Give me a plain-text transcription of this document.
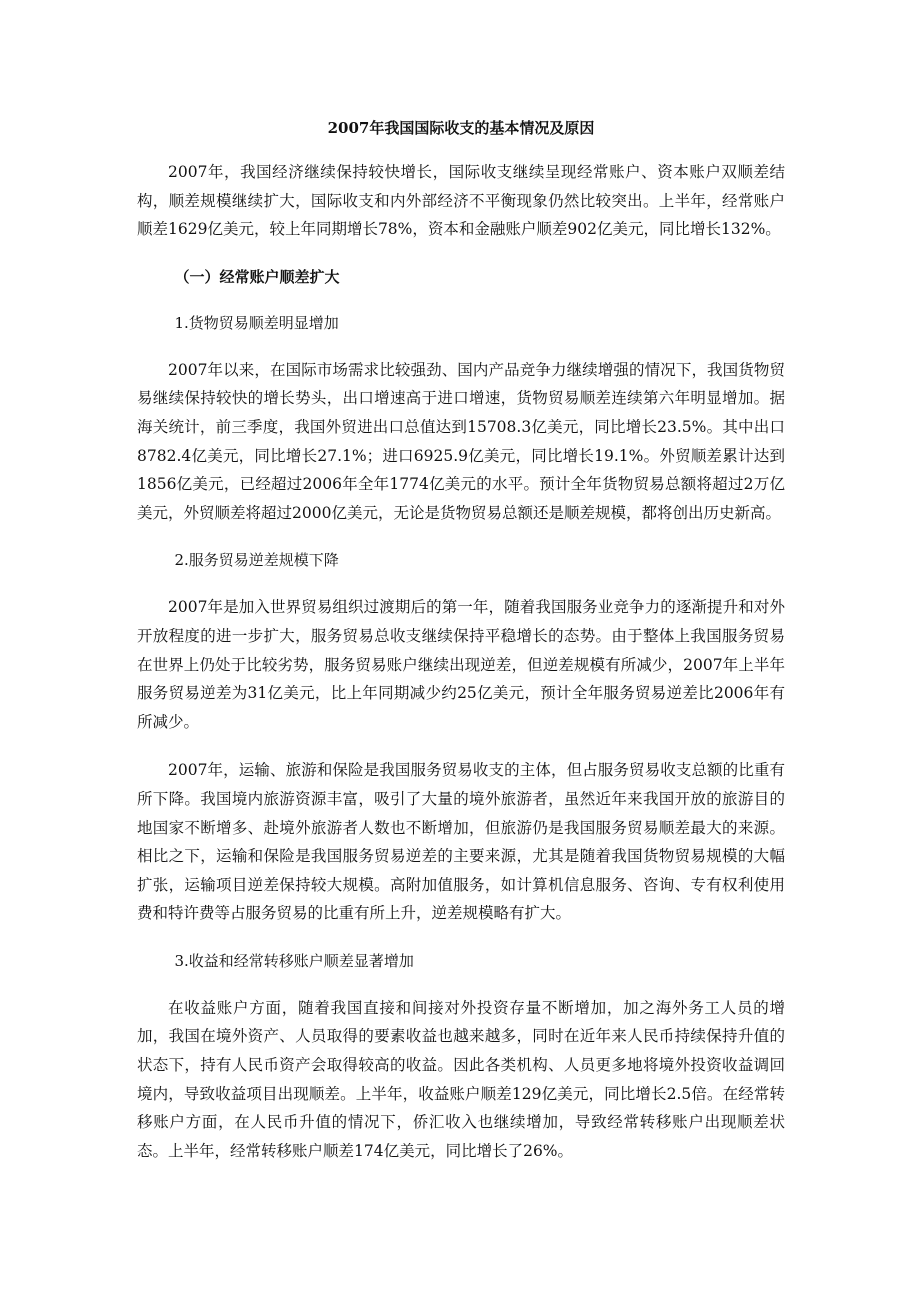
2007年我国国际收支的基本情况及原因

2007年，我国经济继续保持较快增长，国际收支继续呈现经常账户、资本账户双顺差结构，顺差规模继续扩大，国际收支和内外部经济不平衡现象仍然比较突出。上半年，经常账户顺差1629亿美元，较上年同期增长78%，资本和金融账户顺差902亿美元，同比增长132%。

（一）经常账户顺差扩大
1.货物贸易顺差明显增加

2007年以来，在国际市场需求比较强劲、国内产品竞争力继续增强的情况下，我国货物贸易继续保持较快的增长势头，出口增速高于进口增速，货物贸易顺差连续第六年明显增加。据海关统计，前三季度，我国外贸进出口总值达到15708.3亿美元，同比增长23.5%。其中出口8782.4亿美元，同比增长27.1%；进口6925.9亿美元，同比增长19.1%。外贸顺差累计达到1856亿美元，已经超过2006年全年1774亿美元的水平。预计全年货物贸易总额将超过2万亿美元，外贸顺差将超过2000亿美元，无论是货物贸易总额还是顺差规模，都将创出历史新高。

2.服务贸易逆差规模下降

2007年是加入世界贸易组织过渡期后的第一年，随着我国服务业竞争力的逐渐提升和对外开放程度的进一步扩大，服务贸易总收支继续保持平稳增长的态势。由于整体上我国服务贸易在世界上仍处于比较劣势，服务贸易账户继续出现逆差，但逆差规模有所减少，2007年上半年服务贸易逆差为31亿美元，比上年同期减少约25亿美元，预计全年服务贸易逆差比2006年有所减少。

2007年，运输、旅游和保险是我国服务贸易收支的主体，但占服务贸易收支总额的比重有所下降。我国境内旅游资源丰富，吸引了大量的境外旅游者，虽然近年来我国开放的旅游目的地国家不断增多、赴境外旅游者人数也不断增加，但旅游仍是我国服务贸易顺差最大的来源。相比之下，运输和保险是我国服务贸易逆差的主要来源，尤其是随着我国货物贸易规模的大幅扩张，运输项目逆差保持较大规模。高附加值服务，如计算机信息服务、咨询、专有权利使用费和特许费等占服务贸易的比重有所上升，逆差规模略有扩大。

3.收益和经常转移账户顺差显著增加

在收益账户方面，随着我国直接和间接对外投资存量不断增加，加之海外务工人员的增加，我国在境外资产、人员取得的要素收益也越来越多，同时在近年来人民币持续保持升值的状态下，持有人民币资产会取得较高的收益。因此各类机构、人员更多地将境外投资收益调回境内，导致收益项目出现顺差。上半年，收益账户顺差129亿美元，同比增长2.5倍。在经常转移账户方面，在人民币升值的情况下，侨汇收入也继续增加，导致经常转移账户出现顺差状态。上半年，经常转移账户顺差174亿美元，同比增长了26%。
